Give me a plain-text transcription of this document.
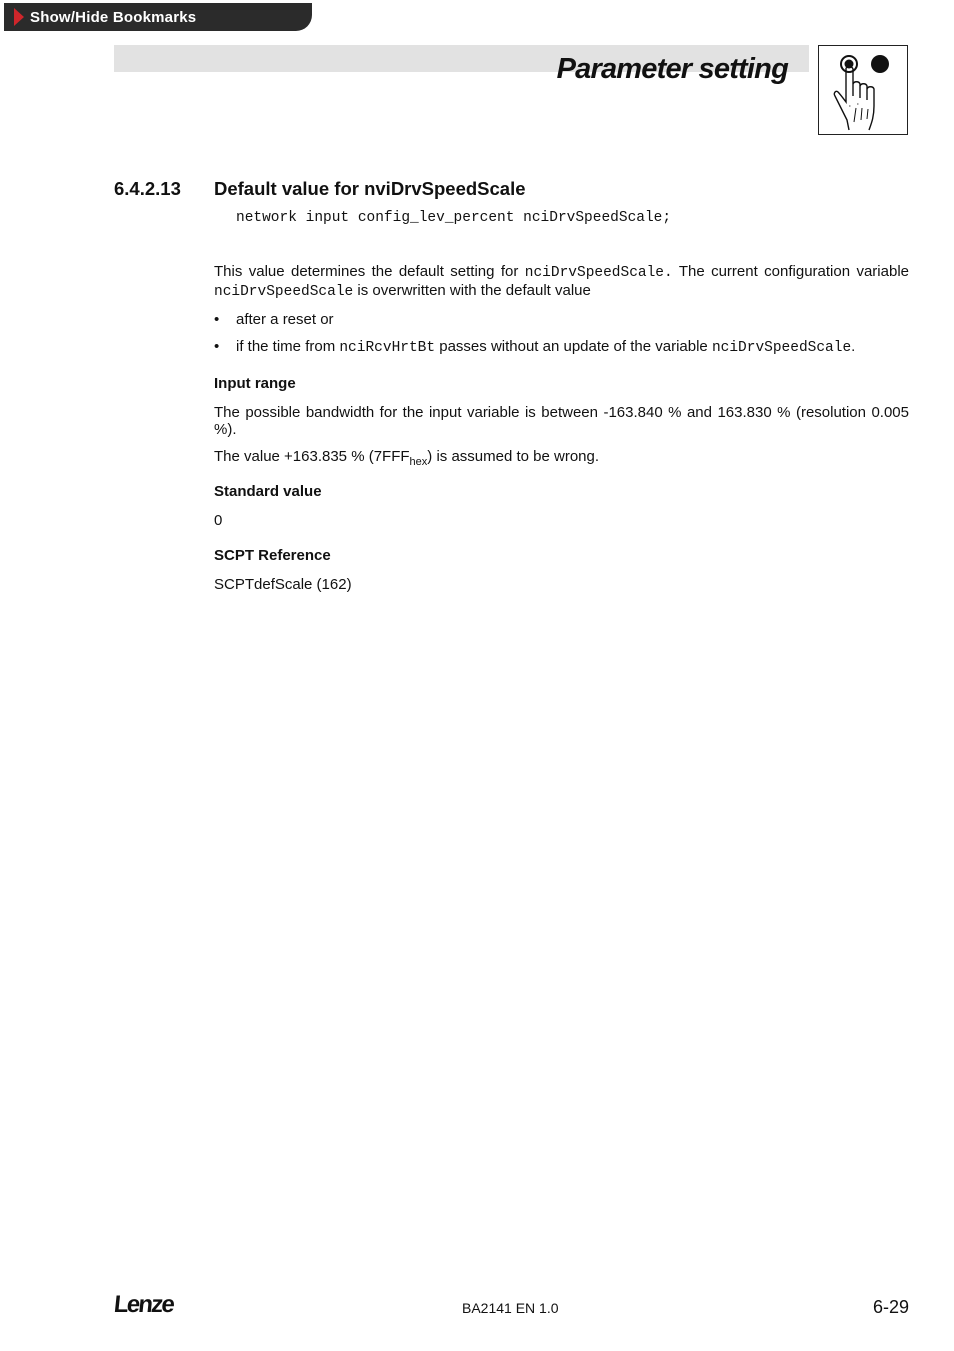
Show/Hide Bookmarks
Parameter setting
6.4.2.13 Default value for nviDrvSpeedScale
network input config_lev_percent nciDrvSpeedScale;

This value determines the default setting for nciDrvSpeedScale. The current configuration variable nciDrvSpeedScale is overwritten with the default value

• after a reset or
• if the time from nciRcvHrtBt passes without an update of the variable nciDrvSpeedScale.
Input range

The possible bandwidth for the input variable is between -163.840 % and 163.830 % (resolution 0.005 %).

The value +163.835 % $(7FFF_{hex})$ is assumed to be wrong.

Standard value

0

SCPT Reference

SCPTdefScale (162)

Lenze	BA2141 EN 1.0	6-29
